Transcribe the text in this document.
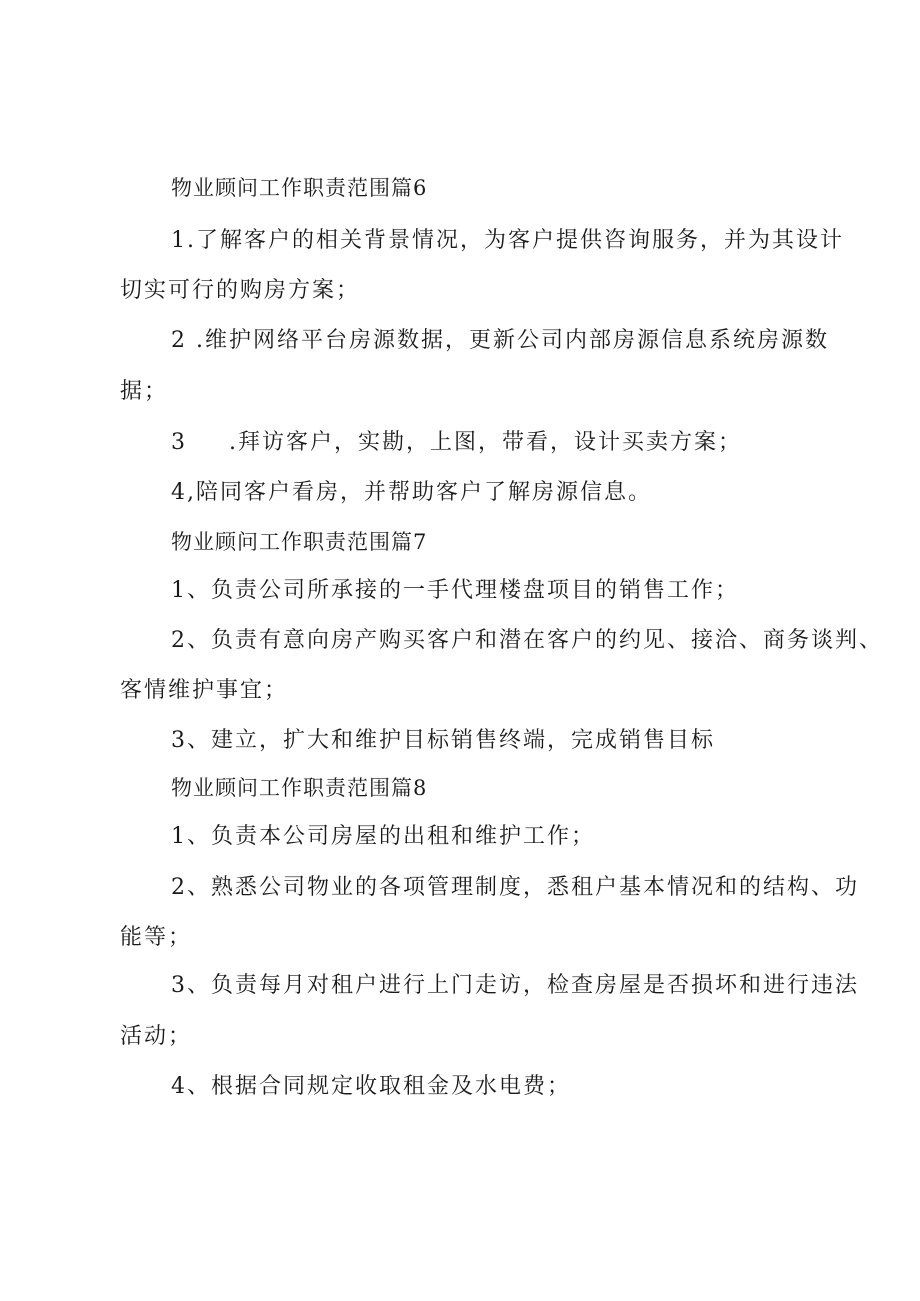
物业顾问工作职责范围篇6
1.了解客户的相关背景情况，为客户提供咨询服务，并为其设计
切实可行的购房方案；
2 .维护网络平台房源数据，更新公司内部房源信息系统房源数
据；
3 .拜访客户，实勘，上图，带看，设计买卖方案；
4,陪同客户看房，并帮助客户了解房源信息。
物业顾问工作职责范围篇7
1、负责公司所承接的一手代理楼盘项目的销售工作；
2、负责有意向房产购买客户和潜在客户的约见、接洽、商务谈判、
客情维护事宜；
3、建立，扩大和维护目标销售终端，完成销售目标
物业顾问工作职责范围篇8
1、负责本公司房屋的出租和维护工作；
2、熟悉公司物业的各项管理制度，悉租户基本情况和的结构、功
能等；
3、负责每月对租户进行上门走访，检查房屋是否损坏和进行违法
活动；
4、根据合同规定收取租金及水电费；
